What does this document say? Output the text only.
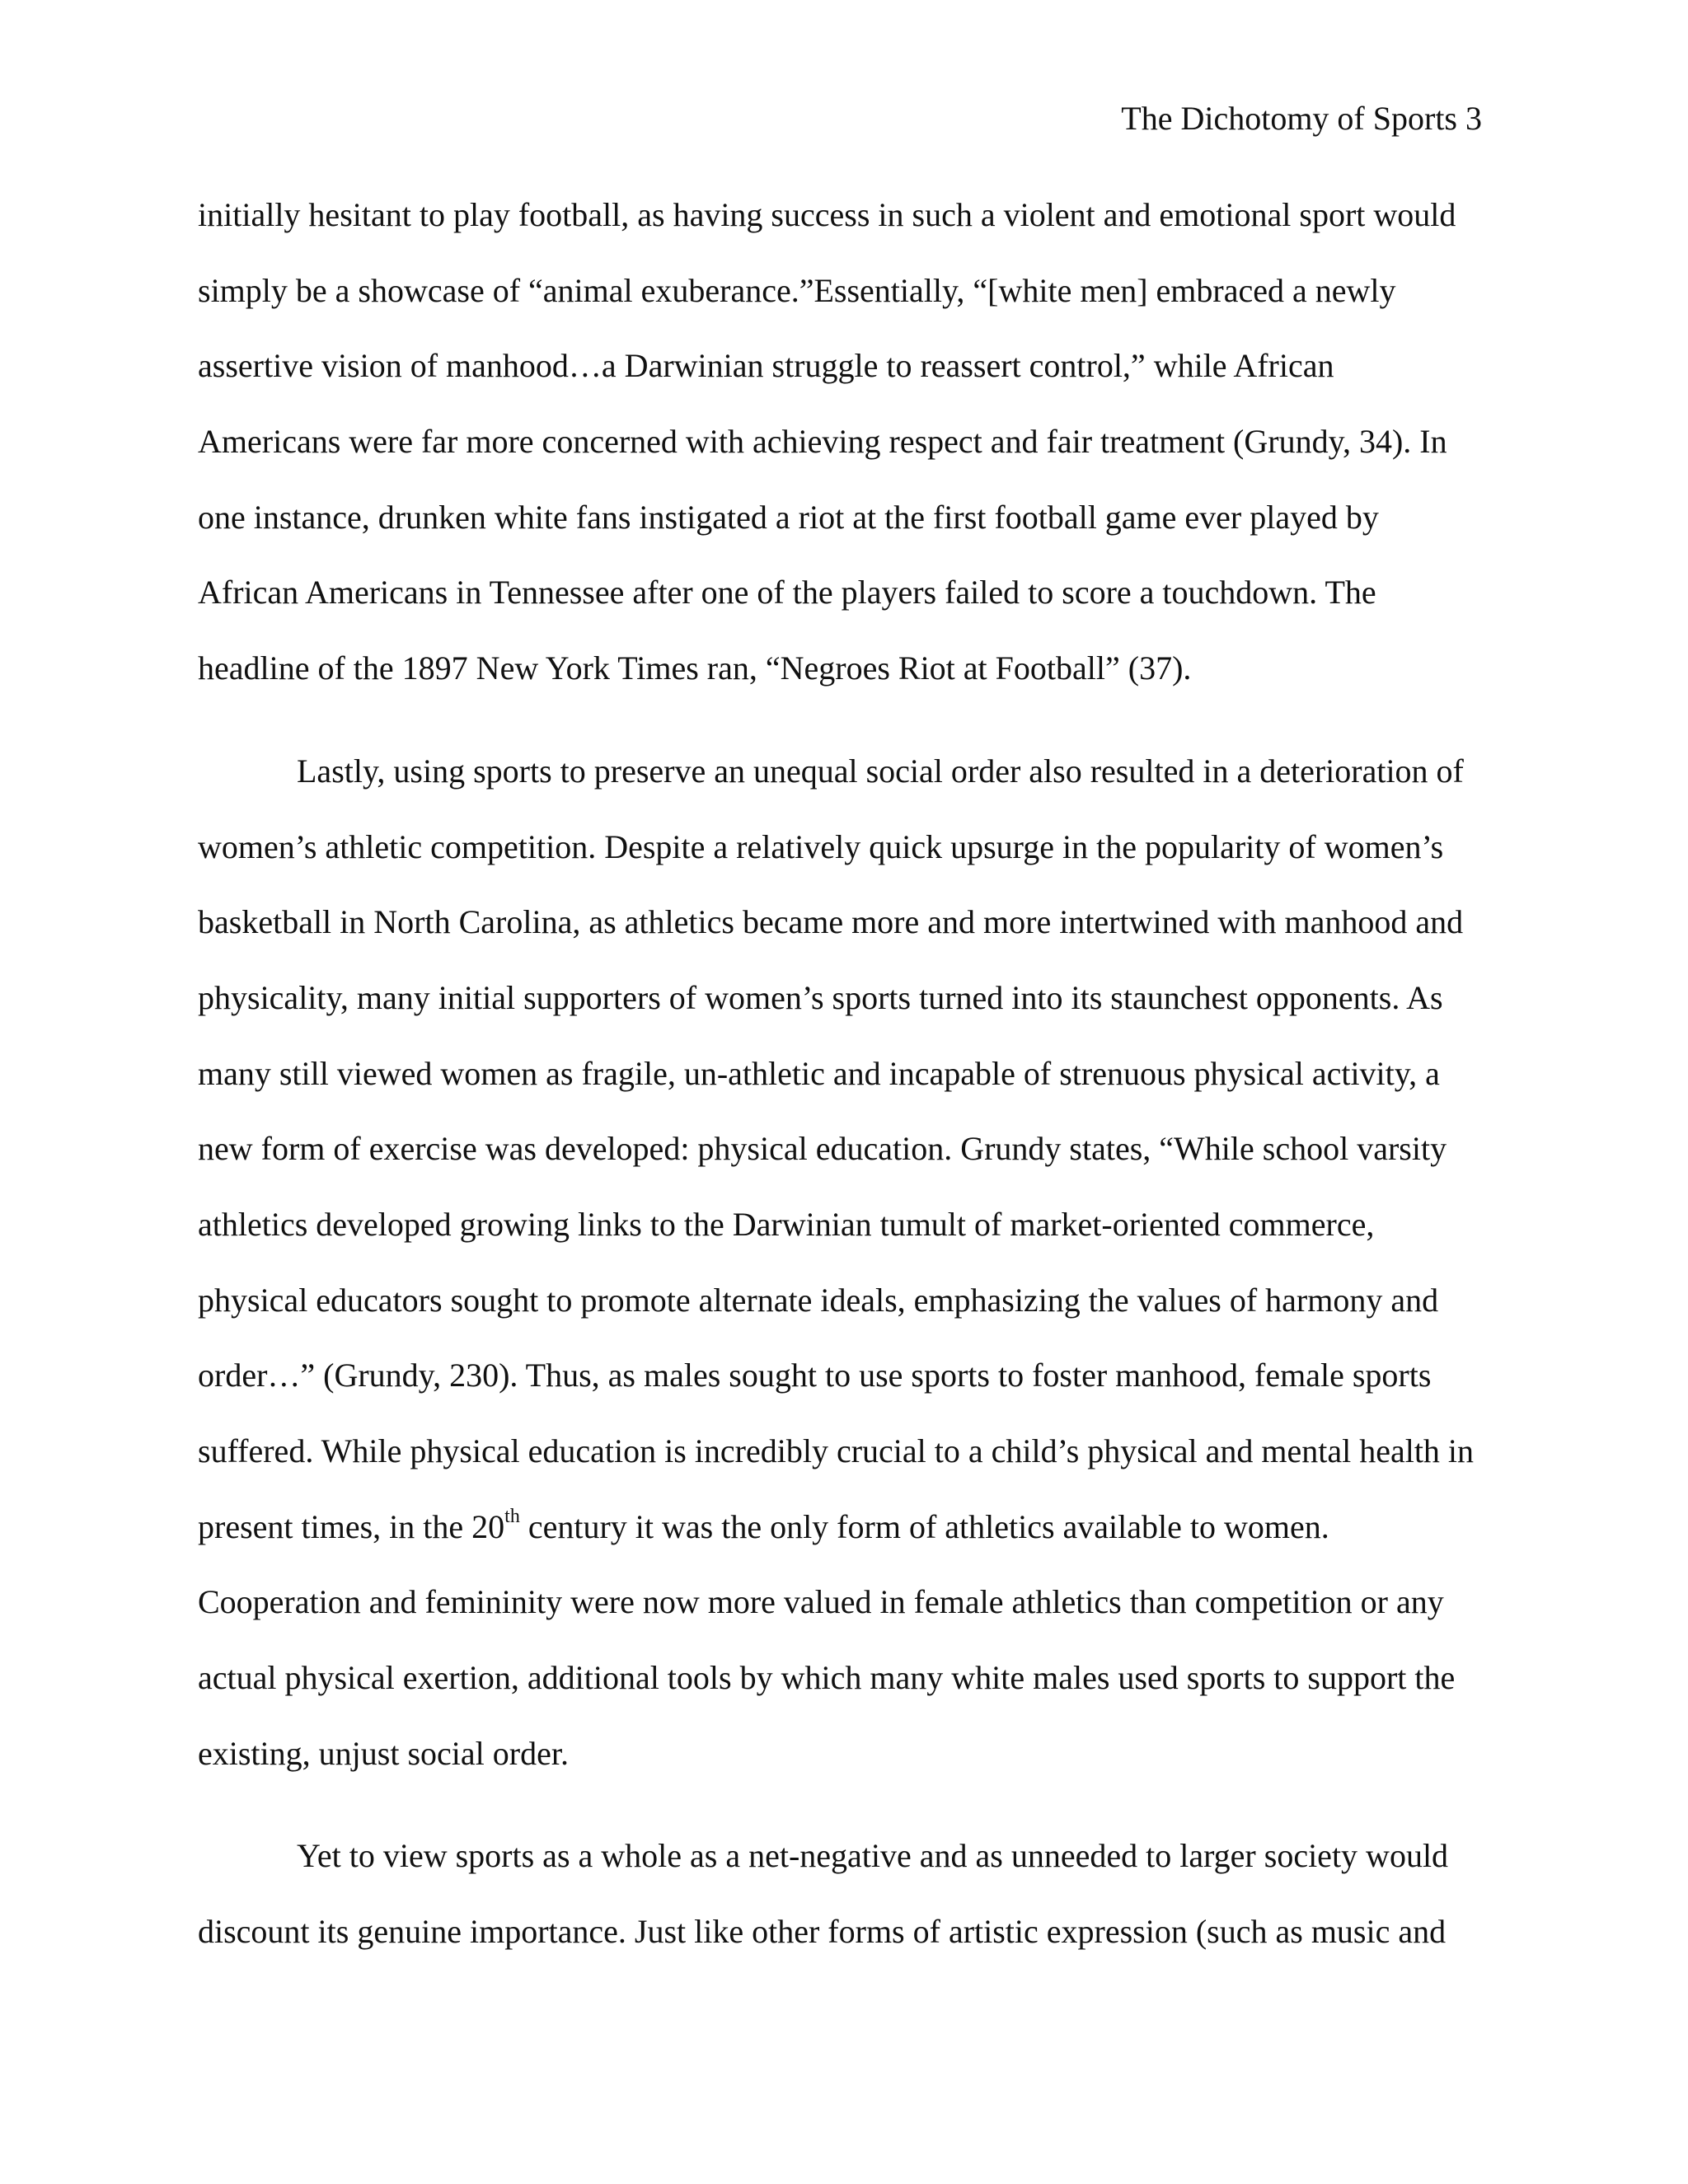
The Dichotomy of Sports 3
initially hesitant to play football, as having success in such a violent and emotional sport would
simply be a showcase of “animal exuberance.”Essentially, “[white men] embraced a newly
assertive vision of manhood…a Darwinian struggle to reassert control,” while African
Americans were far more concerned with achieving respect and fair treatment (Grundy, 34). In
one instance, drunken white fans instigated a riot at the first football game ever played by
African Americans in Tennessee after one of the players failed to score a touchdown. The
headline of the 1897 New York Times ran, “Negroes Riot at Football” (37).
Lastly, using sports to preserve an unequal social order also resulted in a deterioration of
women’s athletic competition. Despite a relatively quick upsurge in the popularity of women’s
basketball in North Carolina, as athletics became more and more intertwined with manhood and
physicality, many initial supporters of women’s sports turned into its staunchest opponents. As
many still viewed women as fragile, un-athletic and incapable of strenuous physical activity, a
new form of exercise was developed: physical education. Grundy states, “While school varsity
athletics developed growing links to the Darwinian tumult of market-oriented commerce,
physical educators sought to promote alternate ideals, emphasizing the values of harmony and
order…” (Grundy, 230). Thus, as males sought to use sports to foster manhood, female sports
suffered. While physical education is incredibly crucial to a child’s physical and mental health in
present times, in the 20th century it was the only form of athletics available to women.
Cooperation and femininity were now more valued in female athletics than competition or any
actual physical exertion, additional tools by which many white males used sports to support the
existing, unjust social order.
Yet to view sports as a whole as a net-negative and as unneeded to larger society would
discount its genuine importance. Just like other forms of artistic expression (such as music and
